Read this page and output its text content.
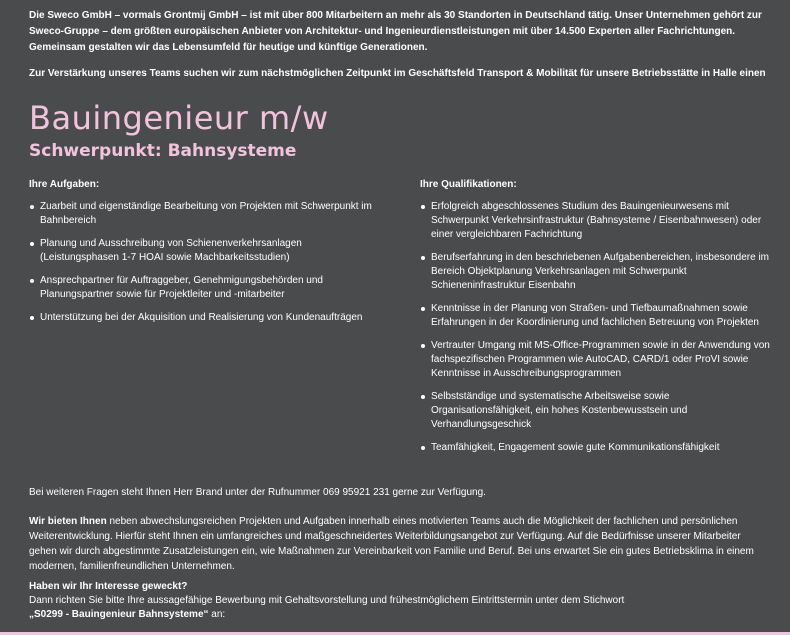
Die Sweco GmbH – vormals Grontmij GmbH – ist mit über 800 Mitarbeitern an mehr als 30 Standorten in Deutschland tätig. Unser Unternehmen gehört zur Sweco-Gruppe – dem größten europäischen Anbieter von Architektur- und Ingenieurdienstleistungen mit über 14.500 Experten aller Fachrichtungen. Gemeinsam gestalten wir das Lebensumfeld für heutige und künftige Generationen.

Zur Verstärkung unseres Teams suchen wir zum nächstmöglichen Zeitpunkt im Geschäftsfeld Transport & Mobilität für unsere Betriebsstätte in Halle einen

Bauingenieur m/w
Schwerpunkt: Bahnsysteme
Ihre Aufgaben:
Zuarbeit und eigenständige Bearbeitung von Projekten mit Schwerpunkt im Bahnbereich
Planung und Ausschreibung von Schienenverkehrsanlagen (Leistungsphasen 1-7 HOAI sowie Machbarkeitsstudien)
Ansprechpartner für Auftraggeber, Genehmigungsbehörden und Planungspartner sowie für Projektleiter und -mitarbeiter
Unterstützung bei der Akquisition und Realisierung von Kundenaufträgen
Ihre Qualifikationen:
Erfolgreich abgeschlossenes Studium des Bauingenieurwesens mit Schwerpunkt Verkehrsinfrastruktur (Bahnsysteme / Eisenbahnwesen) oder einer vergleichbaren Fachrichtung
Berufserfahrung in den beschriebenen Aufgabenbereichen, insbesondere im Bereich Objektplanung Verkehrsanlagen mit Schwerpunkt Schieneninfrastruktur Eisenbahn
Kenntnisse in der Planung von Straßen- und Tiefbaumaßnahmen sowie Erfahrungen in der Koordinierung und fachlichen Betreuung von Projekten
Vertrauter Umgang mit MS-Office-Programmen sowie in der Anwendung von fachspezifischen Programmen wie AutoCAD, CARD/1 oder ProVI sowie Kenntnisse in Ausschreibungsprogrammen
Selbstständige und systematische Arbeitsweise sowie Organisationsfähigkeit, ein hohes Kostenbewusstsein und Verhandlungsgeschick
Teamfähigkeit, Engagement sowie gute Kommunikationsfähigkeit

Bei weiteren Fragen steht Ihnen Herr Brand unter der Rufnummer 069 95921 231 gerne zur Verfügung.

Wir bieten Ihnen neben abwechslungsreichen Projekten und Aufgaben innerhalb eines motivierten Teams auch die Möglichkeit der fachlichen und persönlichen Weiterentwicklung. Hierfür steht Ihnen ein umfangreiches und maßgeschneidertes Weiterbildungsangebot zur Verfügung. Auf die Bedürfnisse unserer Mitarbeiter gehen wir durch abgestimmte Zusatzleistungen ein, wie Maßnahmen zur Vereinbarkeit von Familie und Beruf. Bei uns erwartet Sie ein gutes Betriebsklima in einem modernen, familienfreundlichen Unternehmen.

Haben wir Ihr Interesse geweckt?
Dann richten Sie bitte Ihre aussagefähige Bewerbung mit Gehaltsvorstellung und frühestmöglichem Eintrittstermin unter dem Stichwort
„S0299 - Bauingenieur Bahnsysteme“ an:
